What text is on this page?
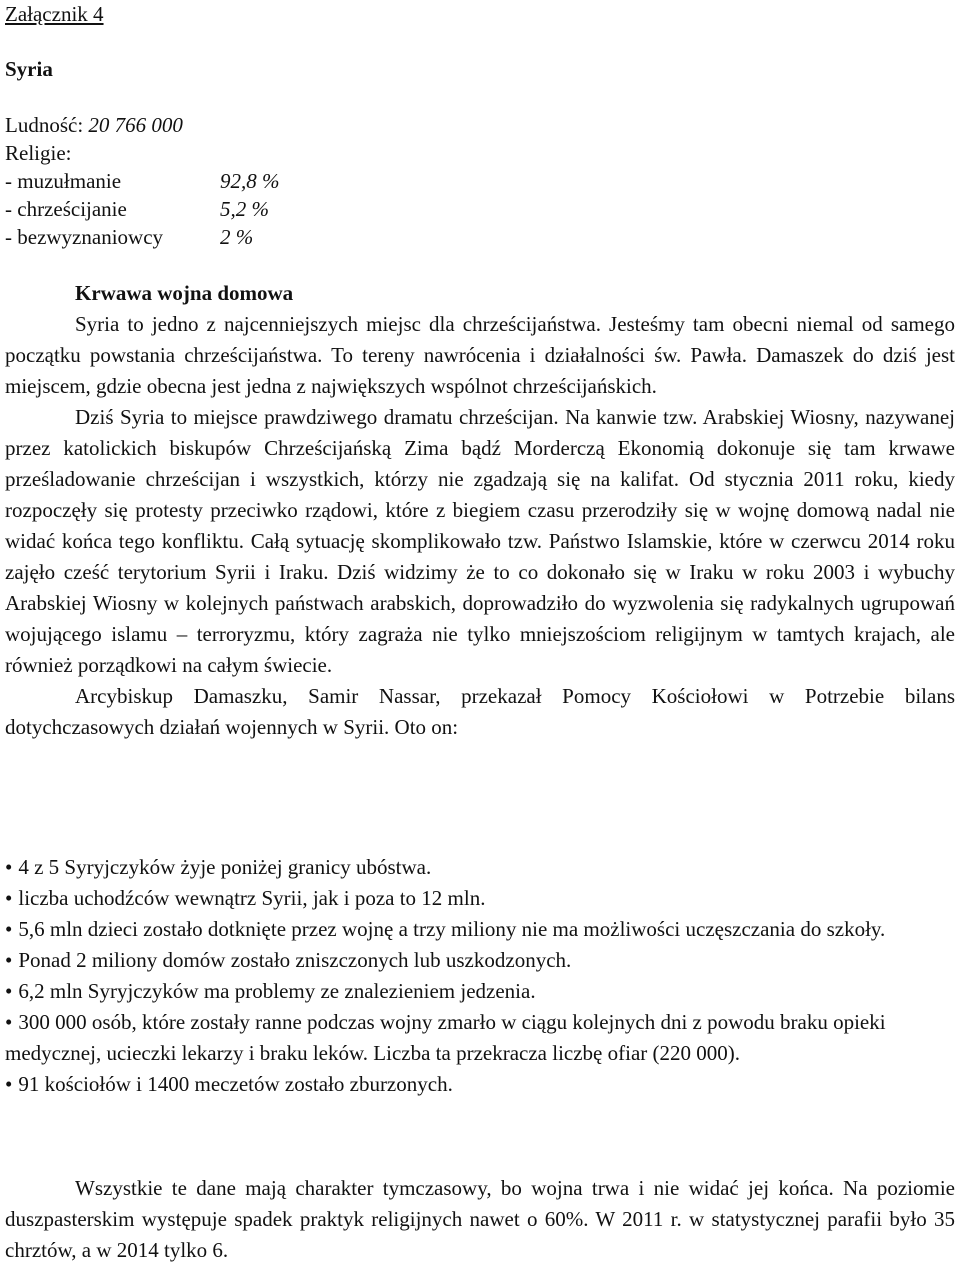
Załącznik 4
Syria
Ludność: 20 766 000
Religie:
- muzułmanie	92,8 %
- chrześcijanie	5,2 %
- bezwyznaniowcy	2 %
Krwawa wojna domowa

Syria to jedno z najcenniejszych miejsc dla chrześcijaństwa. Jesteśmy tam obecni niemal od samego początku powstania chrześcijaństwa. To tereny nawrócenia i działalności św. Pawła. Damaszek do dziś jest miejscem, gdzie obecna jest jedna z największych wspólnot chrześcijańskich.

Dziś Syria to miejsce prawdziwego dramatu chrześcijan. Na kanwie tzw. Arabskiej Wiosny, nazywanej przez katolickich biskupów Chrześcijańską Zima bądź Morderczą Ekonomią dokonuje się tam krwawe prześladowanie chrześcijan i wszystkich, którzy nie zgadzają się na kalifat. Od stycznia 2011 roku, kiedy rozpoczęły się protesty przeciwko rządowi, które z biegiem czasu przerodziły się w wojnę domową nadal nie widać końca tego konfliktu. Całą sytuację skomplikowało tzw. Państwo Islamskie, które w czerwcu 2014 roku zajęło cześć terytorium Syrii i Iraku. Dziś widzimy że to co dokonało się w Iraku w roku 2003 i wybuchy Arabskiej Wiosny w kolejnych państwach arabskich, doprowadziło do wyzwolenia się radykalnych ugrupowań wojującego islamu – terroryzmu, który zagraża nie tylko mniejszościom religijnym w tamtych krajach, ale również porządkowi na całym świecie.

Arcybiskup Damaszku, Samir Nassar, przekazał Pomocy Kościołowi w Potrzebie bilans dotychczasowych działań wojennych w Syrii. Oto on:

• 4 z 5 Syryjczyków żyje poniżej granicy ubóstwa.
• liczba uchodźców wewnątrz Syrii, jak i poza to 12 mln.
• 5,6 mln dzieci zostało dotknięte przez wojnę a trzy miliony nie ma możliwości uczęszczania do szkoły.
• Ponad 2 miliony domów zostało zniszczonych lub uszkodzonych.
• 6,2 mln Syryjczyków ma problemy ze znalezieniem jedzenia.
• 300 000 osób, które zostały ranne podczas wojny zmarło w ciągu kolejnych dni z powodu braku opieki medycznej, ucieczki lekarzy i braku leków. Liczba ta przekracza liczbę ofiar (220 000).
• 91 kościołów i 1400 meczetów zostało zburzonych.

Wszystkie te dane mają charakter tymczasowy, bo wojna trwa i nie widać jej końca. Na poziomie duszpasterskim występuje spadek praktyk religijnych nawet o 60%. W 2011 r. w statystycznej parafii było 35 chrztów, a w 2014 tylko 6.
